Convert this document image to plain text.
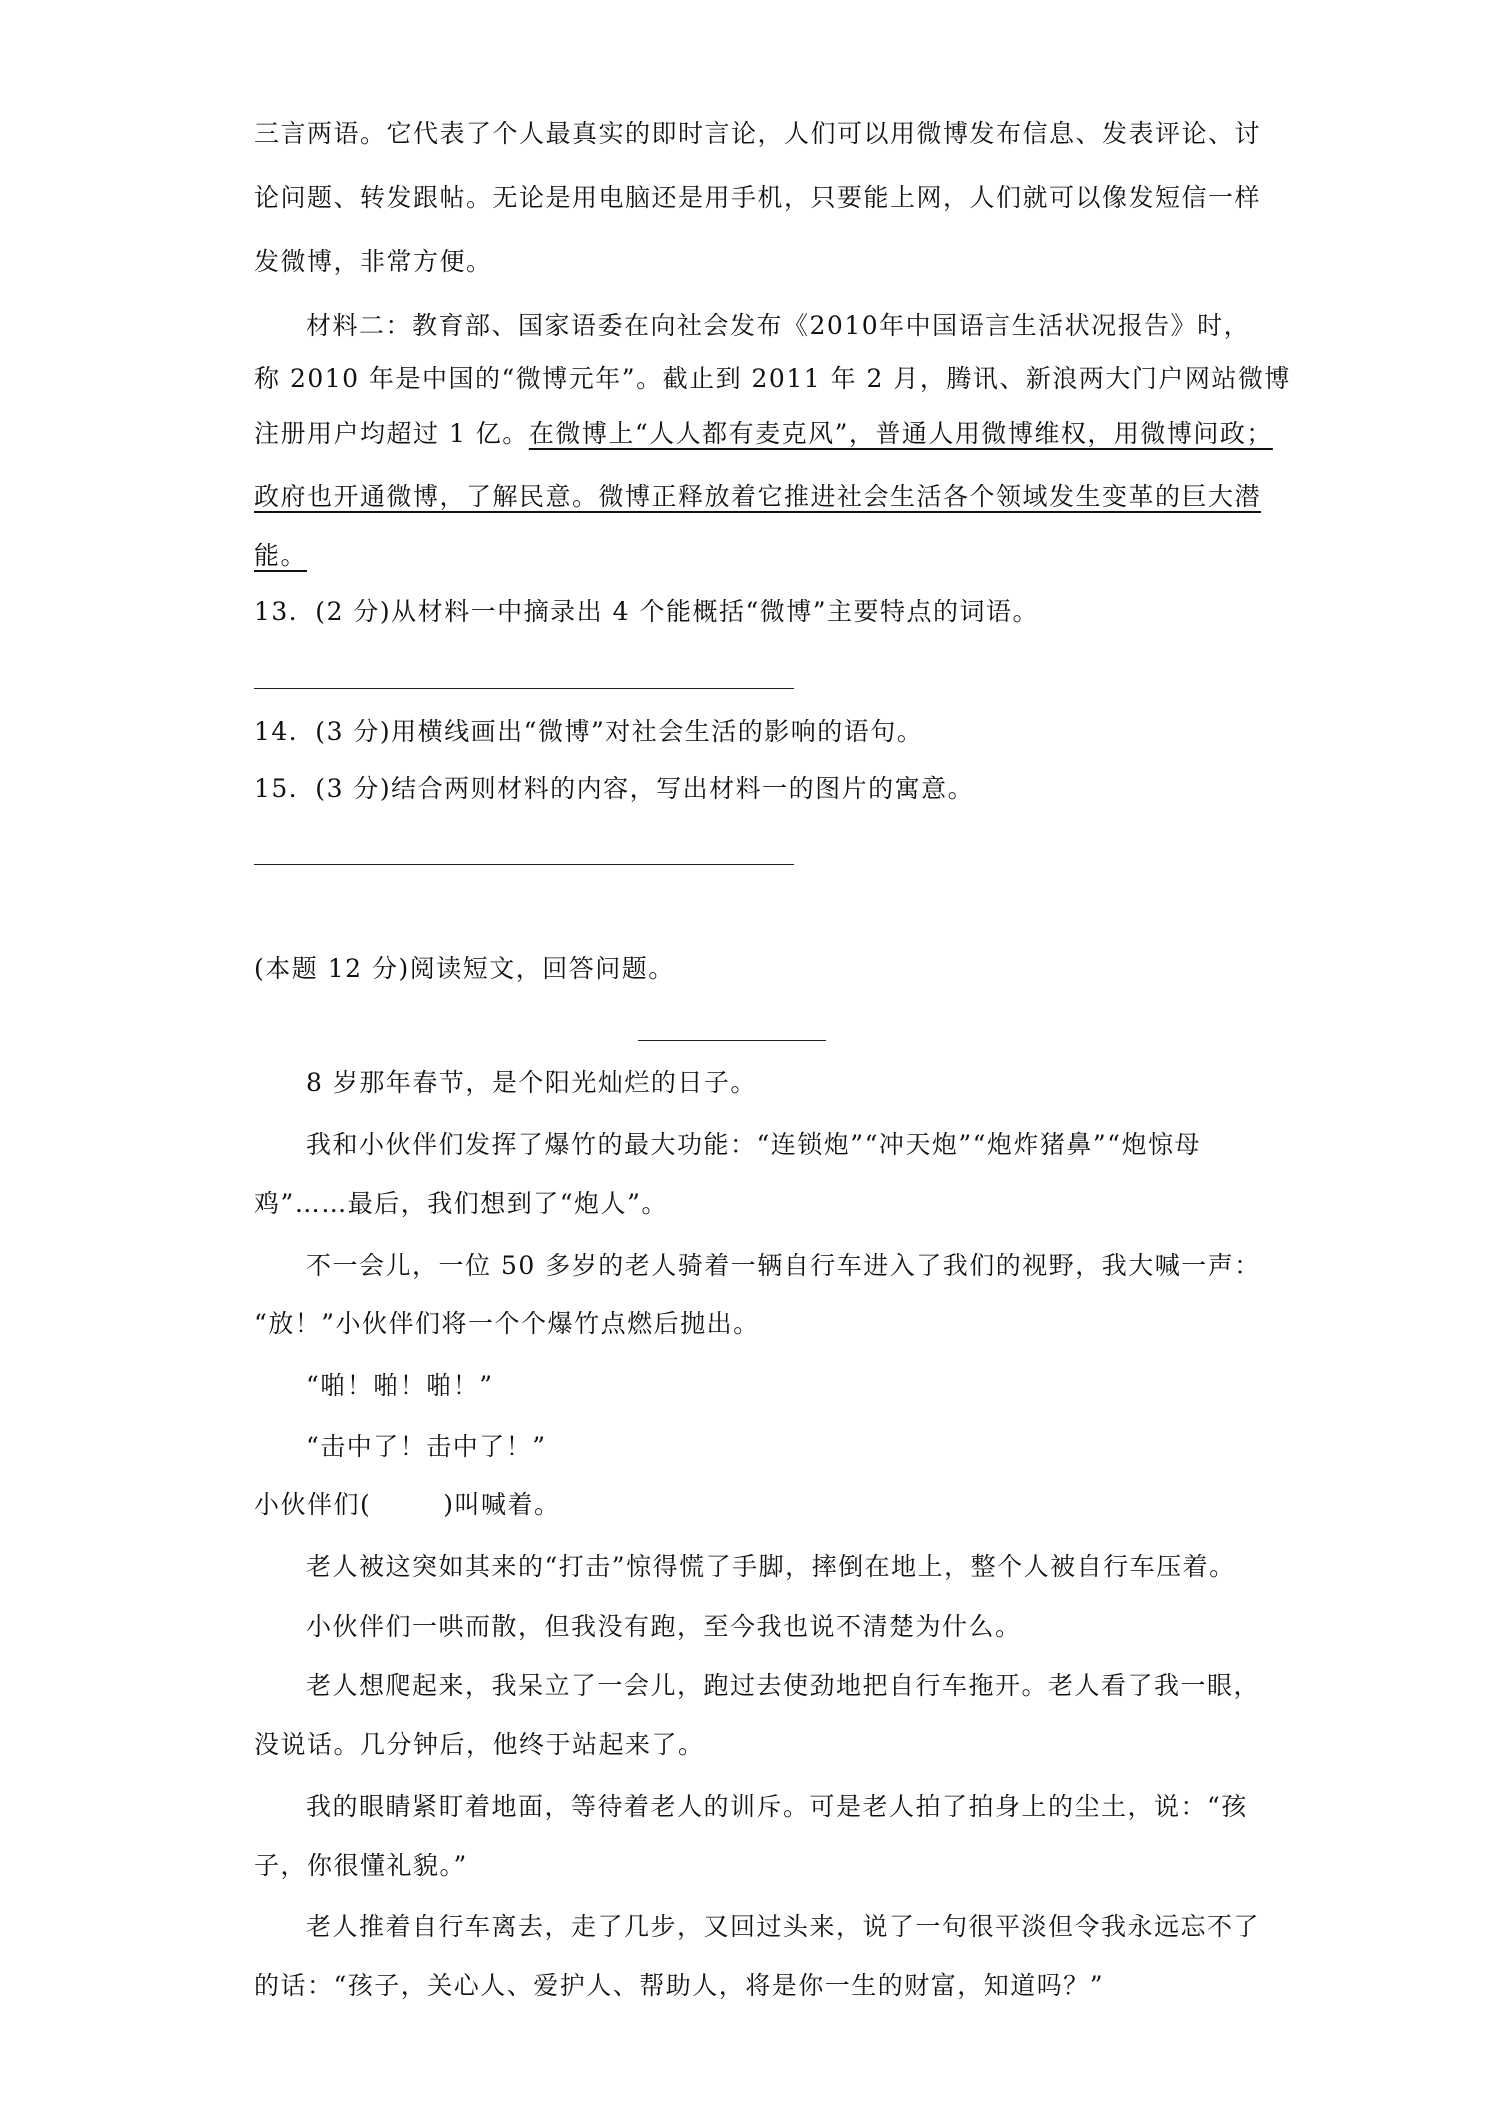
三言两语。它代表了个人最真实的即时言论，人们可以用微博发布信息、发表评论、讨
论问题、转发跟帖。无论是用电脑还是用手机，只要能上网，人们就可以像发短信一样
发微博，非常方便。
材料二：教育部、国家语委在向社会发布《2010年中国语言生活状况报告》时，
称 2010 年是中国的“微博元年”。截止到 2011 年 2 月，腾讯、新浪两大门户网站微博
注册用户均超过 1 亿。在微博上“人人都有麦克风”，普通人用微博维权，用微博问政；
政府也开通微博，了解民意。微博正释放着它推进社会生活各个领域发生变革的巨大潜
能。
13．(2 分)从材料一中摘录出 4 个能概括“微博”主要特点的词语。
14．(3 分)用横线画出“微博”对社会生活的影响的语句。
15．(3 分)结合两则材料的内容，写出材料一的图片的寓意。
(本题 12 分)阅读短文，回答问题。
8 岁那年春节，是个阳光灿烂的日子。
我和小伙伴们发挥了爆竹的最大功能：“连锁炮”“冲天炮”“炮炸猪鼻”“炮惊母
鸡”……最后，我们想到了“炮人”。
不一会儿，一位 50 多岁的老人骑着一辆自行车进入了我们的视野，我大喊一声：
“放！”小伙伴们将一个个爆竹点燃后抛出。
“啪！啪！啪！”
“击中了！击中了！”
小伙伴们(	)叫喊着。
老人被这突如其来的“打击”惊得慌了手脚，摔倒在地上，整个人被自行车压着。
小伙伴们一哄而散，但我没有跑，至今我也说不清楚为什么。
老人想爬起来，我呆立了一会儿，跑过去使劲地把自行车拖开。老人看了我一眼，
没说话。几分钟后，他终于站起来了。
我的眼睛紧盯着地面，等待着老人的训斥。可是老人拍了拍身上的尘土，说：“孩
子，你很懂礼貌。”
老人推着自行车离去，走了几步，又回过头来，说了一句很平淡但令我永远忘不了
的话：“孩子，关心人、爱护人、帮助人，将是你一生的财富，知道吗？”
